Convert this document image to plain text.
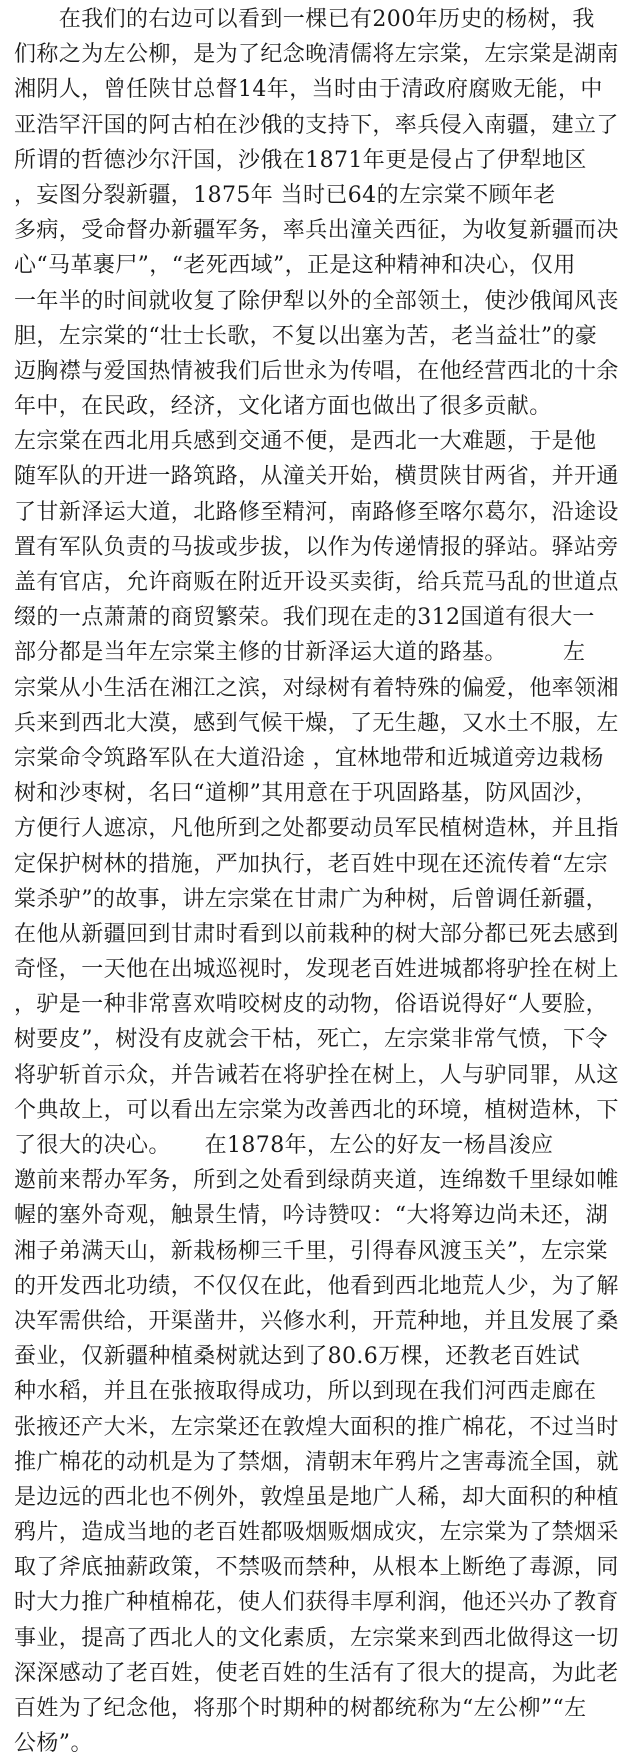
　　在我们的右边可以看到一棵已有200年历史的杨树，我
们称之为左公柳，是为了纪念晚清儒将左宗棠，左宗棠是湖南
湘阴人，曾任陕甘总督14年，当时由于清政府腐败无能，中
亚浩罕汗国的阿古柏在沙俄的支持下，率兵侵入南疆，建立了
所谓的哲德沙尔汗国，沙俄在1871年更是侵占了伊犁地区
，妄图分裂新疆，1875年 当时已64的左宗棠不顾年老
多病，受命督办新疆军务，率兵出潼关西征，为收复新疆而决
心“马革裹尸”，“老死西域”，正是这种精神和决心，仅用
一年半的时间就收复了除伊犁以外的全部领土，使沙俄闻风丧
胆，左宗棠的“壮士长歌，不复以出塞为苦，老当益壮”的豪
迈胸襟与爱国热情被我们后世永为传唱，在他经营西北的十余
年中，在民政，经济，文化诸方面也做出了很多贡献。
左宗棠在西北用兵感到交通不便，是西北一大难题，于是他
随军队的开进一路筑路，从潼关开始，横贯陕甘两省，并开通
了甘新泽运大道，北路修至精河，南路修至喀尔葛尔，沿途设
置有军队负责的马拔或步拔，以作为传递情报的驿站。驿站旁
盖有官店，允许商贩在附近开设买卖街，给兵荒马乱的世道点
缀的一点萧萧的商贸繁荣。我们现在走的312国道有很大一
部分都是当年左宗棠主修的甘新泽运大道的路基。　　　左
宗棠从小生活在湘江之滨，对绿树有着特殊的偏爱，他率领湘
兵来到西北大漠，感到气候干燥，了无生趣，又水土不服，左
宗棠命令筑路军队在大道沿途 ，宜林地带和近城道旁边栽杨
树和沙枣树，名曰“道柳”其用意在于巩固路基，防风固沙，
方便行人遮凉，凡他所到之处都要动员军民植树造林，并且指
定保护树林的措施，严加执行，老百姓中现在还流传着“左宗
棠杀驴”的故事，讲左宗棠在甘肃广为种树，后曾调任新疆，
在他从新疆回到甘肃时看到以前栽种的树大部分都已死去感到
奇怪，一天他在出城巡视时，发现老百姓进城都将驴拴在树上
，驴是一种非常喜欢啃咬树皮的动物，俗语说得好“人要脸，
树要皮”，树没有皮就会干枯，死亡，左宗棠非常气愤，下令
将驴斩首示众，并告诫若在将驴拴在树上，人与驴同罪，从这
个典故上，可以看出左宗棠为改善西北的环境，植树造林，下
了很大的决心。　　在1878年，左公的好友一杨昌浚应
邀前来帮办军务，所到之处看到绿荫夹道，连绵数千里绿如帷
幄的塞外奇观，触景生情，吟诗赞叹：“大将筹边尚未还，湖
湘子弟满天山，新栽杨柳三千里，引得春风渡玉关”，左宗棠
的开发西北功绩，不仅仅在此，他看到西北地荒人少，为了解
决军需供给，开渠凿井，兴修水利，开荒种地，并且发展了桑
蚕业，仅新疆种植桑树就达到了80.6万棵，还教老百姓试
种水稻，并且在张掖取得成功，所以到现在我们河西走廊在
张掖还产大米，左宗棠还在敦煌大面积的推广棉花，不过当时
推广棉花的动机是为了禁烟，清朝末年鸦片之害毒流全国，就
是边远的西北也不例外，敦煌虽是地广人稀，却大面积的种植
鸦片，造成当地的老百姓都吸烟贩烟成灾，左宗棠为了禁烟采
取了斧底抽薪政策，不禁吸而禁种，从根本上断绝了毒源，同
时大力推广种植棉花，使人们获得丰厚利润，他还兴办了教育
事业，提高了西北人的文化素质，左宗棠来到西北做得这一切
深深感动了老百姓，使老百姓的生活有了很大的提高，为此老
百姓为了纪念他，将那个时期种的树都统称为“左公柳”“左
公杨”。
